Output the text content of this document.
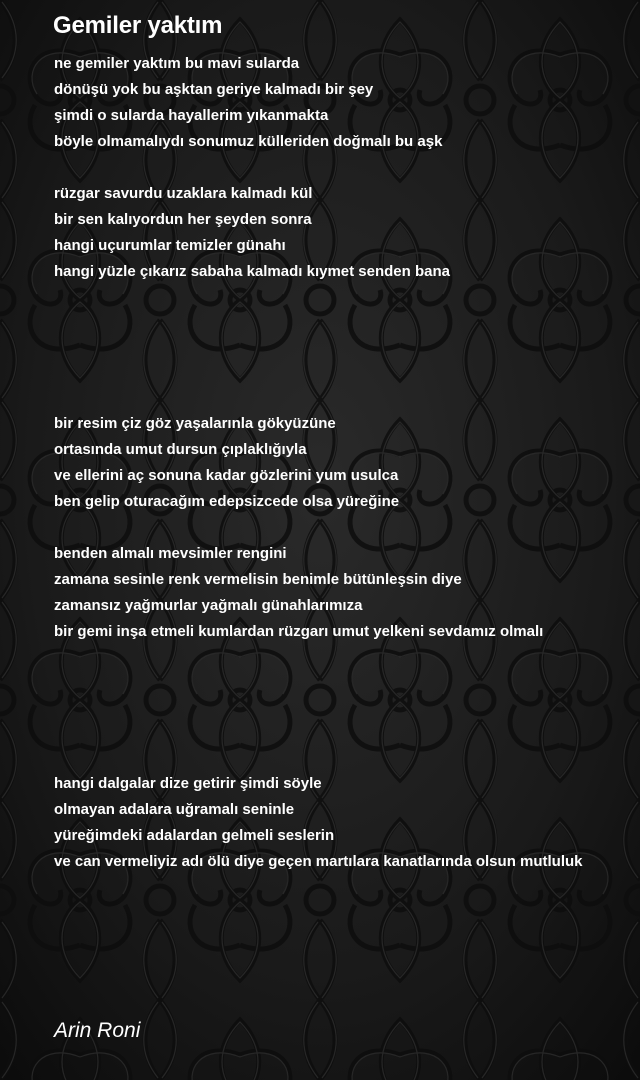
Gemiler yaktım
ne gemiler yaktım bu mavi sularda
dönüşü yok bu aşktan geriye kalmadı bir şey
şimdi o sularda hayallerim yıkanmakta
böyle olmamalıydı sonumuz külleriden doğmalı bu aşk
rüzgar savurdu uzaklara kalmadı kül
bir sen kalıyordun her şeyden sonra
hangi uçurumlar temizler günahı
hangi yüzle çıkarız sabaha kalmadı kıymet senden bana
bir resim çiz göz yaşalarınla gökyüzüne
ortasında umut dursun çıplaklığıyla
ve ellerini aç sonuna kadar gözlerini yum usulca
ben gelip oturacağım edepsizcede olsa yüreğine
benden almalı mevsimler rengini
zamana sesinle renk vermelisin benimle bütünleşsin diye
zamansız yağmurlar yağmalı günahlarımıza
bir gemi inşa etmeli kumlardan rüzgarı umut yelkeni sevdamız olmalı
hangi dalgalar dize getirir şimdi söyle
olmayan adalara uğramalı seninle
yüreğimdeki adalardan gelmeli seslerin
ve can vermeliyiz adı ölü diye geçen martılara kanatlarında olsun mutluluk
Arin Roni
